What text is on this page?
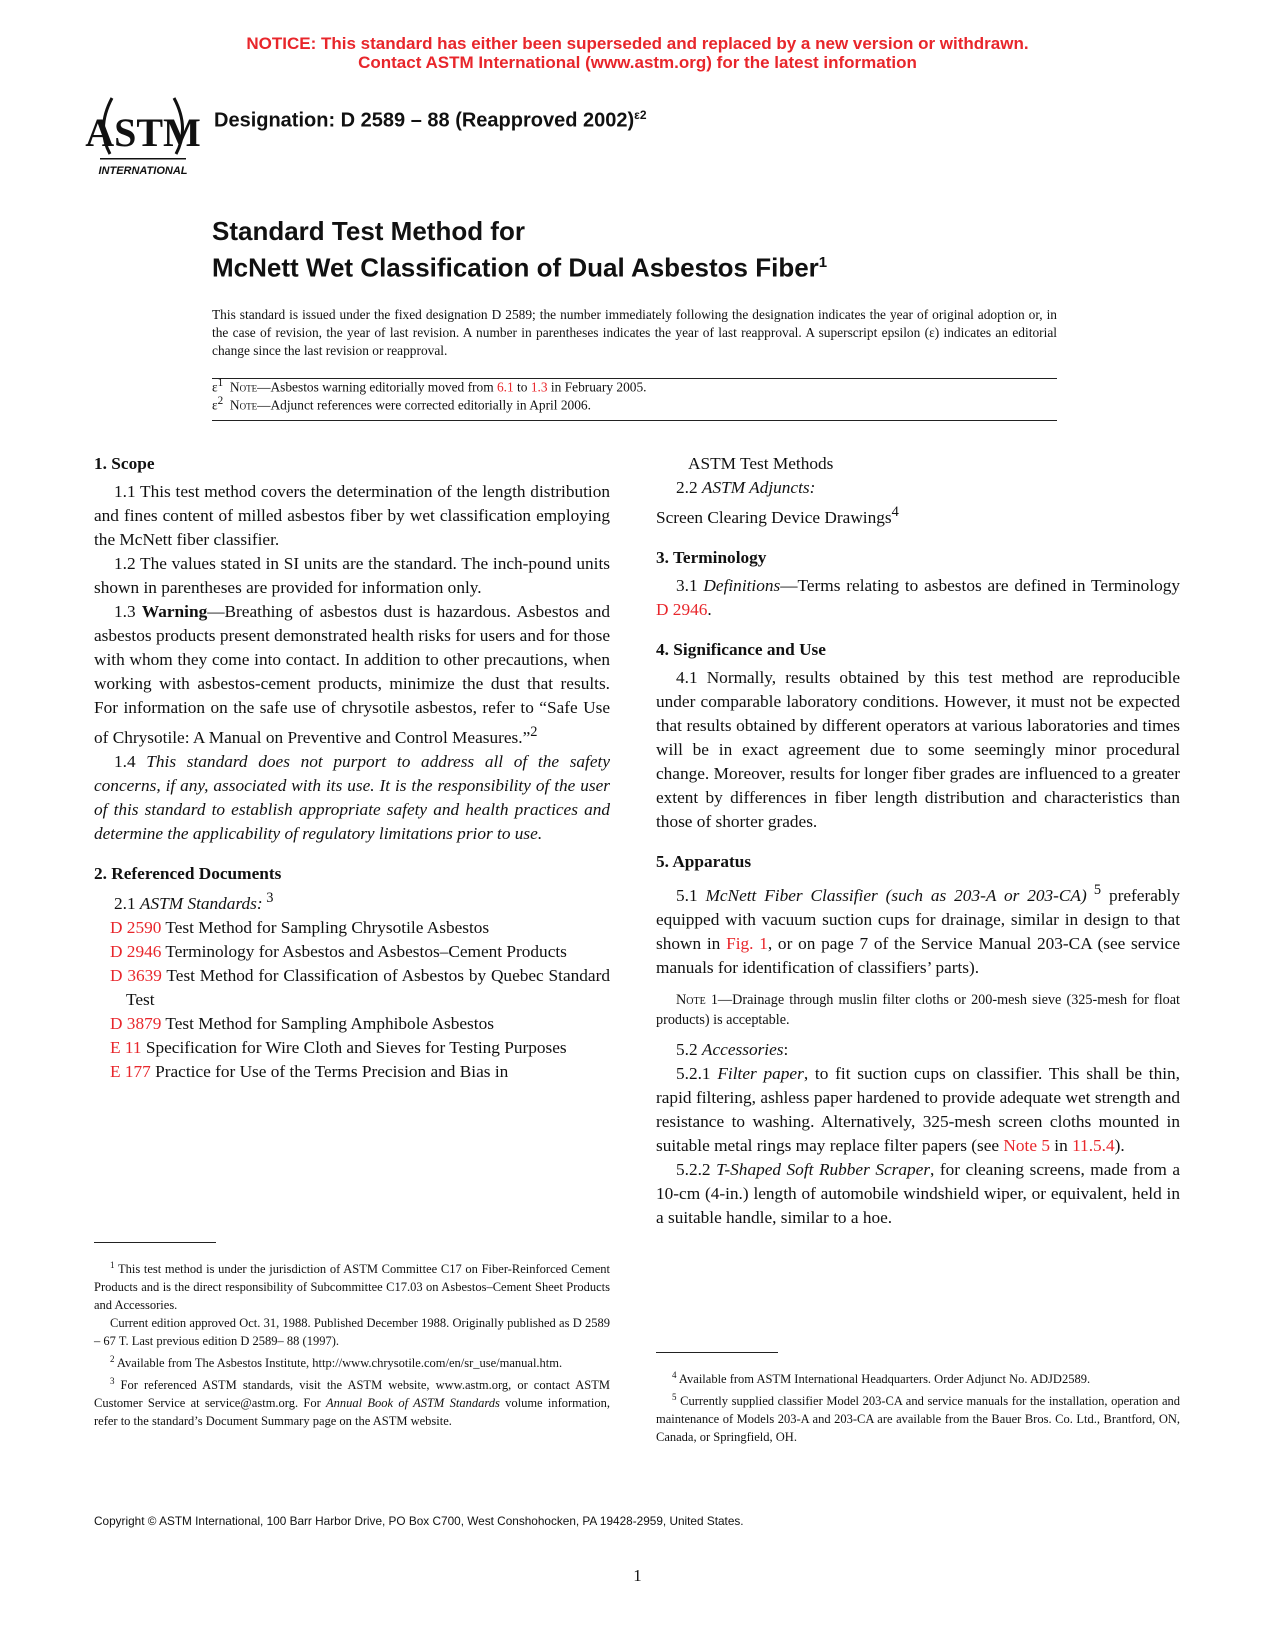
NOTICE: This standard has either been superseded and replaced by a new version or withdrawn.
Contact ASTM International (www.astm.org) for the latest information
ASTM
INTERNATIONAL
Designation: D 2589 – 88 (Reapproved 2002)$^{\varepsilon 2}$
Standard Test Method for
McNett Wet Classification of Dual Asbestos Fiber$^1$
This standard is issued under the fixed designation D 2589; the number immediately following the designation indicates the year of original adoption or, in the case of revision, the year of last revision. A number in parentheses indicates the year of last reapproval. A superscript epsilon (ε) indicates an editorial change since the last revision or reapproval.
$\varepsilon^1$ Note—Asbestos warning editorially moved from 6.1 to 1.3 in February 2005.
$\varepsilon^2$ Note—Adjunct references were corrected editorially in April 2006.

1. Scope

1.1 This test method covers the determination of the length distribution and fines content of milled asbestos fiber by wet classification employing the McNett fiber classifier.

1.2 The values stated in SI units are the standard. The inch-pound units shown in parentheses are provided for information only.

1.3 Warning—Breathing of asbestos dust is hazardous. Asbestos and asbestos products present demonstrated health risks for users and for those with whom they come into contact. In addition to other precautions, when working with asbestos-cement products, minimize the dust that results. For information on the safe use of chrysotile asbestos, refer to “Safe Use of Chrysotile: A Manual on Preventive and Control Measures.”$^2$

1.4 This standard does not purport to address all of the safety concerns, if any, associated with its use. It is the responsibility of the user of this standard to establish appropriate safety and health practices and determine the applicability of regulatory limitations prior to use.

2. Referenced Documents

2.1 ASTM Standards: $^3$

D 2590 Test Method for Sampling Chrysotile Asbestos

D 2946 Terminology for Asbestos and Asbestos–Cement Products

D 3639 Test Method for Classification of Asbestos by Quebec Standard Test

D 3879 Test Method for Sampling Amphibole Asbestos

E 11 Specification for Wire Cloth and Sieves for Testing Purposes

E 177 Practice for Use of the Terms Precision and Bias in

$^1$ This test method is under the jurisdiction of ASTM Committee C17 on Fiber-Reinforced Cement Products and is the direct responsibility of Subcommittee C17.03 on Asbestos–Cement Sheet Products and Accessories.

Current edition approved Oct. 31, 1988. Published December 1988. Originally published as D 2589 – 67 T. Last previous edition D 2589– 88 (1997).

$^2$ Available from The Asbestos Institute, http://www.chrysotile.com/en/sr_use/manual.htm.

$^3$ For referenced ASTM standards, visit the ASTM website, www.astm.org, or contact ASTM Customer Service at service@astm.org. For Annual Book of ASTM Standards volume information, refer to the standard’s Document Summary page on the ASTM website.

ASTM Test Methods

2.2 ASTM Adjuncts:

Screen Clearing Device Drawings$^4$

3. Terminology

3.1 Definitions—Terms relating to asbestos are defined in Terminology D 2946.

4. Significance and Use

4.1 Normally, results obtained by this test method are reproducible under comparable laboratory conditions. However, it must not be expected that results obtained by different operators at various laboratories and times will be in exact agreement due to some seemingly minor procedural change. Moreover, results for longer fiber grades are influenced to a greater extent by differences in fiber length distribution and characteristics than those of shorter grades.

5. Apparatus

5.1 McNett Fiber Classifier (such as 203-A or 203-CA) $^5$ preferably equipped with vacuum suction cups for drainage, similar in design to that shown in Fig. 1, or on page 7 of the Service Manual 203-CA (see service manuals for identification of classifiers’ parts).

Note 1—Drainage through muslin filter cloths or 200-mesh sieve (325-mesh for float products) is acceptable.

5.2 Accessories:

5.2.1 Filter paper, to fit suction cups on classifier. This shall be thin, rapid filtering, ashless paper hardened to provide adequate wet strength and resistance to washing. Alternatively, 325-mesh screen cloths mounted in suitable metal rings may replace filter papers (see Note 5 in 11.5.4).

5.2.2 T-Shaped Soft Rubber Scraper, for cleaning screens, made from a 10-cm (4-in.) length of automobile windshield wiper, or equivalent, held in a suitable handle, similar to a hoe.

$^4$ Available from ASTM International Headquarters. Order Adjunct No. ADJD2589.

$^5$ Currently supplied classifier Model 203-CA and service manuals for the installation, operation and maintenance of Models 203-A and 203-CA are available from the Bauer Bros. Co. Ltd., Brantford, ON, Canada, or Springfield, OH.

Copyright © ASTM International, 100 Barr Harbor Drive, PO Box C700, West Conshohocken, PA 19428-2959, United States.
1
